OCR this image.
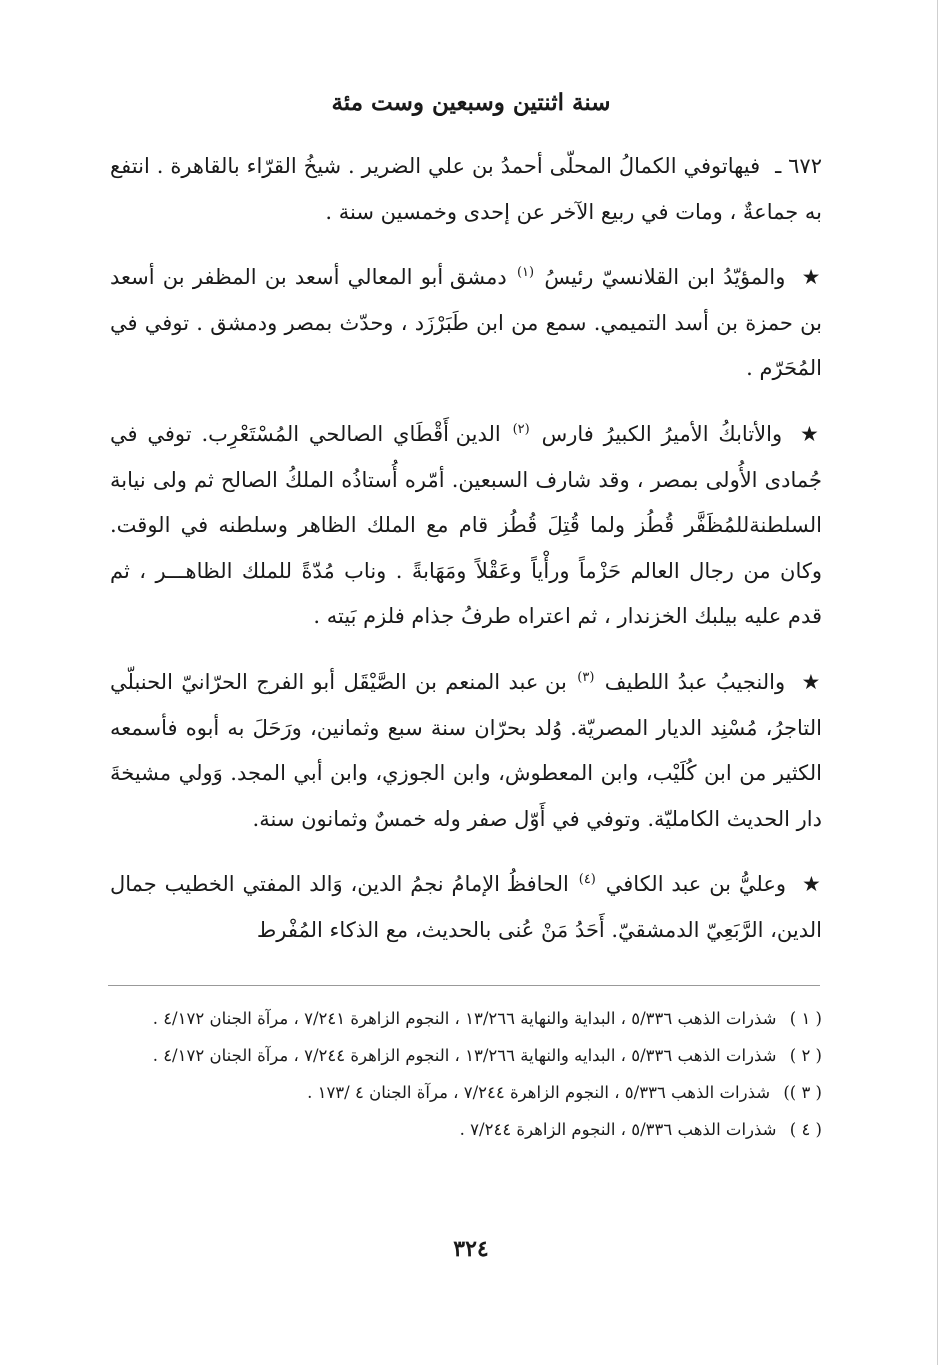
سنة اثنتين وسبعين وست مئة

٦٧٢ ـ فيهاتوفي الكمالُ المحلّى أحمدُ بن علي الضرير . شيخُ القرّاء بالقاهرة . انتفع به جماعةٌ ، ومات في ربيع الآخر عن إحدى وخمسين سنة .

★ والمؤيّدُ ابن القلانسيّ رئيسُ $^{(١)}$ دمشق أبو المعالي أسعد بن المظفر بن أسعد بن حمزة بن أسد التميمي. سمع من ابن طَبَرْزَد ، وحدّث بمصر ودمشق . توفي في المُحَرّم .

★ والأتابكُ الأميرُ الكبيرُ فارس $^{(٢)}$ الدين أَقْطَاي الصالحي المُسْتَعْرِب. توفي في جُمادى الأُولى بمصر ، وقد شارف السبعين. أمّره أُستاذُه الملكُ الصالح ثم ولى نيابة السلطنةللمُظَفَّر قُطُز ولما قُتِلَ قُطُز قام مع الملك الظاهر وسلطنه في الوقت. وكان من رجال العالم حَزْماً ورأْياً وعَقْلاً ومَهَابةً . وناب مُدّةً للملك الظاهـــر ، ثم قدم عليه بيلبك الخزندار ، ثم اعتراه طرفُ جذام فلزم بَيته .

★ والنجيبُ عبدُ اللطيف $^{(٣)}$ بن عبد المنعم بن الصَّيْقَل أبو الفرج الحرّانيّ الحنبلّي التاجرُ، مُسْنِد الديار المصريّة. وُلد بحرّان سنة سبع وثمانين، ورَحَلَ به أبوه فأسمعه الكثير من ابن كُلَيْب، وابن المعطوش، وابن الجوزي، وابن أبي المجد. وَولي مشيخةَ دار الحديث الكامليّة. وتوفي في أَوّل صفر وله خمسٌ وثمانون سنة.

★ وعليُّ بن عبد الكافي $^{(٤)}$ الحافظُ الإمامُ نجمُ الدين، وَالد المفتي الخطيب جمال الدين، الرَّبَعِيّ الدمشقيّ. أَحَدُ مَنْ عُنى بالحديث، مع الذكاء المُفْرط

( ١ ) شذرات الذهب ٥/٣٣٦ ، البداية والنهاية ١٣/٢٦٦ ، النجوم الزاهرة ٧/٢٤١ ، مرآة الجنان ٤/١٧٢ .

( ٢ ) شذرات الذهب ٥/٣٣٦ ، البدايه والنهاية ١٣/٢٦٦ ، النجوم الزاهرة ٧/٢٤٤ ، مرآة الجنان ٤/١٧٢ .

( ٣ )) شذرات الذهب ٥/٣٣٦ ، النجوم الزاهرة ٧/٢٤٤ ، مرآة الجنان ٤ /١٧٣ .

( ٤ ) شذرات الذهب ٥/٣٣٦ ، النجوم الزاهرة ٧/٢٤٤ .

٣٢٤
